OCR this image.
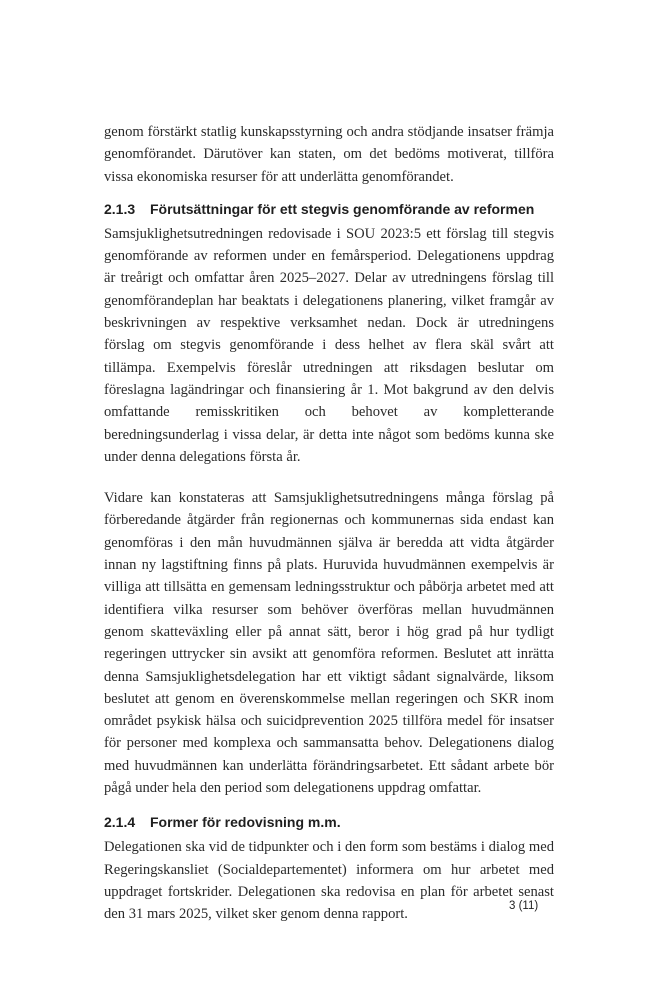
genom förstärkt statlig kunskapsstyrning och andra stödjande insatser främja genomförandet. Därutöver kan staten, om det bedöms motiverat, tillföra vissa ekonomiska resurser för att underlätta genomförandet.

2.1.3 Förutsättningar för ett stegvis genomförande av reformen

Samsjuklighetsutredningen redovisade i SOU 2023:5 ett förslag till stegvis genomförande av reformen under en femårsperiod. Delegationens uppdrag är treårigt och omfattar åren 2025–2027. Delar av utredningens förslag till genomförandeplan har beaktats i delegationens planering, vilket framgår av beskrivningen av respektive verksamhet nedan. Dock är utredningens förslag om stegvis genomförande i dess helhet av flera skäl svårt att tillämpa. Exempelvis föreslår utredningen att riksdagen beslutar om föreslagna lagändringar och finansiering år 1. Mot bakgrund av den delvis omfattande remisskritiken och behovet av kompletterande beredningsunderlag i vissa delar, är detta inte något som bedöms kunna ske under denna delegations första år.

Vidare kan konstateras att Samsjuklighetsutredningens många förslag på förberedande åtgärder från regionernas och kommunernas sida endast kan genomföras i den mån huvudmännen själva är beredda att vidta åtgärder innan ny lagstiftning finns på plats. Huruvida huvudmännen exempelvis är villiga att tillsätta en gemensam ledningsstruktur och påbörja arbetet med att identifiera vilka resurser som behöver överföras mellan huvudmännen genom skatteväxling eller på annat sätt, beror i hög grad på hur tydligt regeringen uttrycker sin avsikt att genomföra reformen. Beslutet att inrätta denna Samsjuklighetsdelegation har ett viktigt sådant signalvärde, liksom beslutet att genom en överenskommelse mellan regeringen och SKR inom området psykisk hälsa och suicidprevention 2025 tillföra medel för insatser för personer med komplexa och sammansatta behov. Delegationens dialog med huvudmännen kan underlätta förändringsarbetet. Ett sådant arbete bör pågå under hela den period som delegationens uppdrag omfattar.

2.1.4 Former för redovisning m.m.

Delegationen ska vid de tidpunkter och i den form som bestäms i dialog med Regeringskansliet (Socialdepartementet) informera om hur arbetet med uppdraget fortskrider. Delegationen ska redovisa en plan för arbetet senast den 31 mars 2025, vilket sker genom denna rapport.

3 (11)
